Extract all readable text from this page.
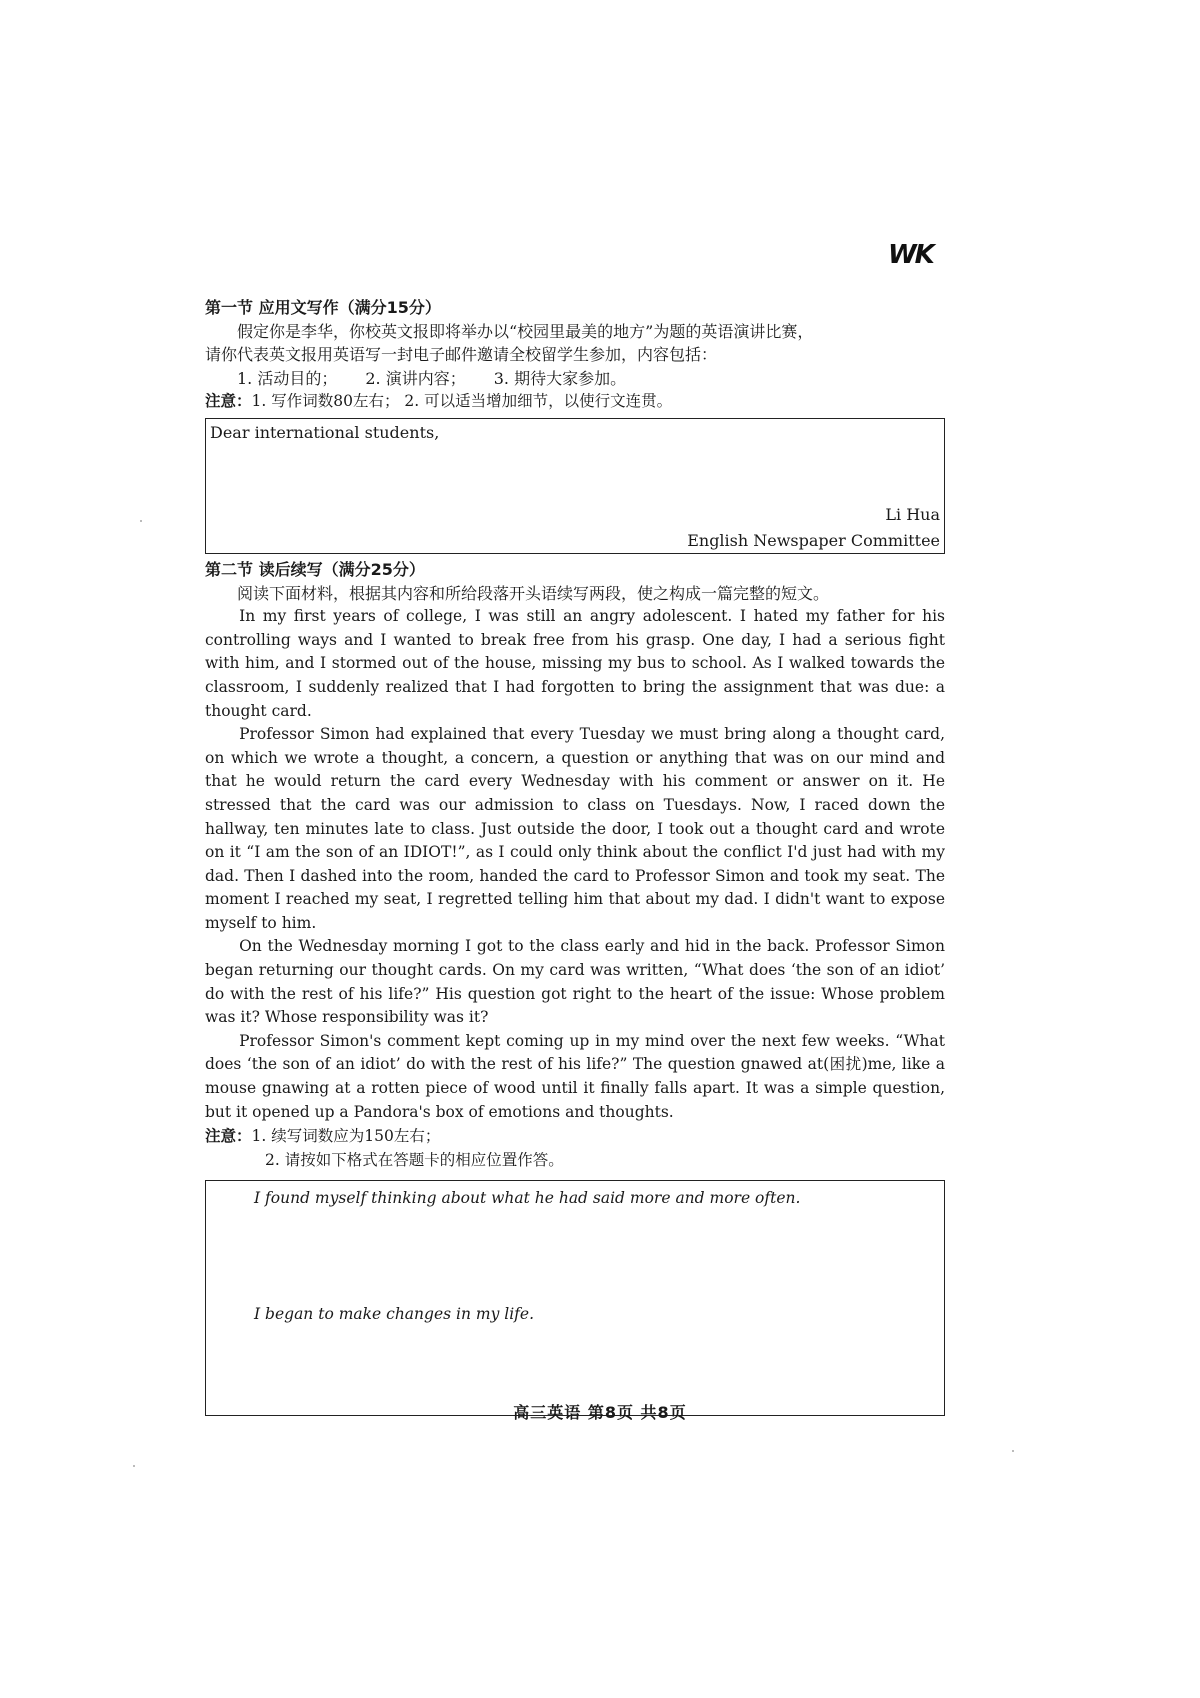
WK

第一节 应用文写作（满分15分）

假定你是李华，你校英文报即将举办以“校园里最美的地方”为题的英语演讲比赛，

请你代表英文报用英语写一封电子邮件邀请全校留学生参加，内容包括：

1. 活动目的； 2. 演讲内容； 3. 期待大家参加。
注意：1. 写作词数80左右； 2. 可以适当增加细节，以使行文连贯。
Dear international students,
Li Hua
English Newspaper Committee

第二节 读后续写（满分25分）

阅读下面材料，根据其内容和所给段落开头语续写两段，使之构成一篇完整的短文。

In my first years of college, I was still an angry adolescent. I hated my father for his controlling ways and I wanted to break free from his grasp. One day, I had a serious fight with him, and I stormed out of the house, missing my bus to school. As I walked towards the classroom, I suddenly realized that I had forgotten to bring the assignment that was due: a thought card.

Professor Simon had explained that every Tuesday we must bring along a thought card, on which we wrote a thought, a concern, a question or anything that was on our mind and that he would return the card every Wednesday with his comment or answer on it. He stressed that the card was our admission to class on Tuesdays. Now, I raced down the hallway, ten minutes late to class. Just outside the door, I took out a thought card and wrote on it “I am the son of an IDIOT!”, as I could only think about the conflict I'd just had with my dad. Then I dashed into the room, handed the card to Professor Simon and took my seat. The moment I reached my seat, I regretted telling him that about my dad. I didn't want to expose myself to him.

On the Wednesday morning I got to the class early and hid in the back. Professor Simon began returning our thought cards. On my card was written, “What does ‘the son of an idiot’ do with the rest of his life?” His question got right to the heart of the issue: Whose problem was it? Whose responsibility was it?

Professor Simon's comment kept coming up in my mind over the next few weeks. “What does ‘the son of an idiot’ do with the rest of his life?” The question gnawed at(困扰)me, like a mouse gnawing at a rotten piece of wood until it finally falls apart. It was a simple question, but it opened up a Pandora's box of emotions and thoughts.

注意：1. 续写词数应为150左右；
2. 请按如下格式在答题卡的相应位置作答。
I found myself thinking about what he had said more and more often.
I began to make changes in my life.
高三英语 第8页 共8页
